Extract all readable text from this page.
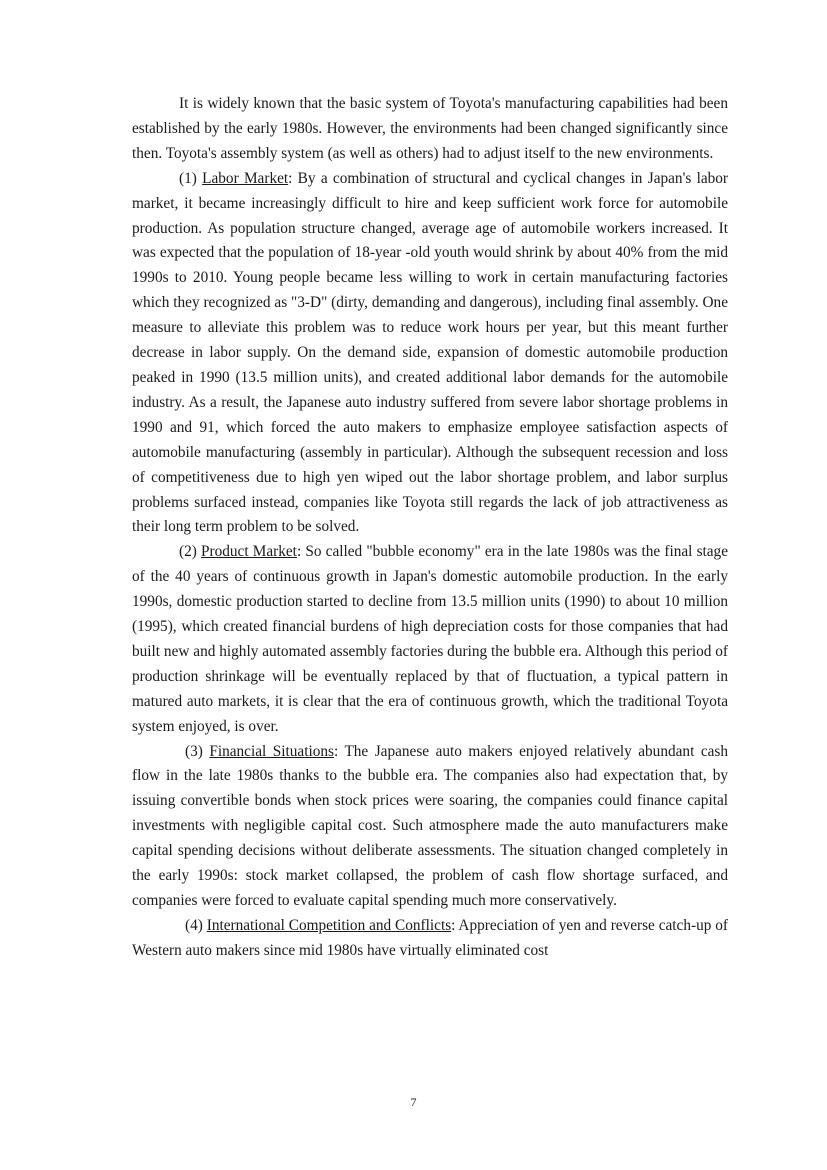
It is widely known that the basic system of Toyota's manufacturing capabilities had been established by the early 1980s. However, the environments had been changed significantly since then. Toyota's assembly system (as well as others) had to adjust itself to the new environments.

(1) Labor Market: By a combination of structural and cyclical changes in Japan's labor market, it became increasingly difficult to hire and keep sufficient work force for automobile production. As population structure changed, average age of automobile workers increased. It was expected that the population of 18-year -old youth would shrink by about 40% from the mid 1990s to 2010. Young people became less willing to work in certain manufacturing factories which they recognized as "3-D" (dirty, demanding and dangerous), including final assembly. One measure to alleviate this problem was to reduce work hours per year, but this meant further decrease in labor supply. On the demand side, expansion of domestic automobile production peaked in 1990 (13.5 million units), and created additional labor demands for the automobile industry. As a result, the Japanese auto industry suffered from severe labor shortage problems in 1990 and 91, which forced the auto makers to emphasize employee satisfaction aspects of automobile manufacturing (assembly in particular). Although the subsequent recession and loss of competitiveness due to high yen wiped out the labor shortage problem, and labor surplus problems surfaced instead, companies like Toyota still regards the lack of job attractiveness as their long term problem to be solved.

(2) Product Market: So called "bubble economy" era in the late 1980s was the final stage of the 40 years of continuous growth in Japan's domestic automobile production. In the early 1990s, domestic production started to decline from 13.5 million units (1990) to about 10 million (1995), which created financial burdens of high depreciation costs for those companies that had built new and highly automated assembly factories during the bubble era. Although this period of production shrinkage will be eventually replaced by that of fluctuation, a typical pattern in matured auto markets, it is clear that the era of continuous growth, which the traditional Toyota system enjoyed, is over.

(3) Financial Situations: The Japanese auto makers enjoyed relatively abundant cash flow in the late 1980s thanks to the bubble era. The companies also had expectation that, by issuing convertible bonds when stock prices were soaring, the companies could finance capital investments with negligible capital cost. Such atmosphere made the auto manufacturers make capital spending decisions without deliberate assessments. The situation changed completely in the early 1990s: stock market collapsed, the problem of cash flow shortage surfaced, and companies were forced to evaluate capital spending much more conservatively.

(4) International Competition and Conflicts: Appreciation of yen and reverse catch-up of Western auto makers since mid 1980s have virtually eliminated cost

7
